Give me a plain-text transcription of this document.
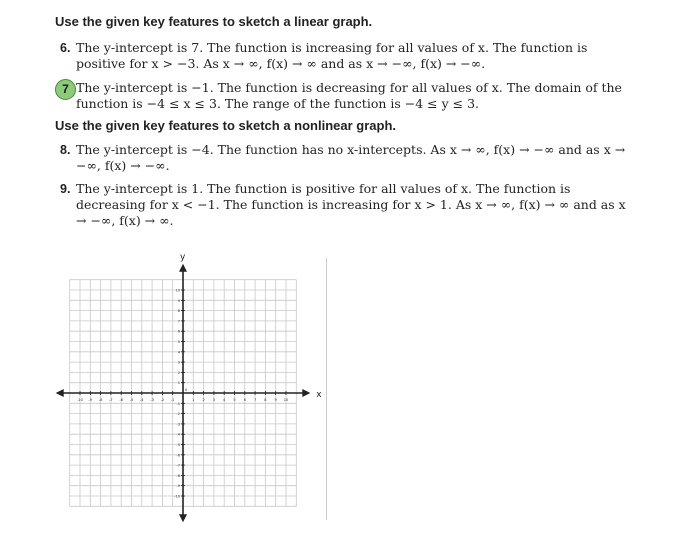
Use the given key features to sketch a linear graph.
6. The y-intercept is 7. The function is increasing for all values of x. The function is positive for x > −3. As x → ∞, f(x) → ∞ and as x → −∞, f(x) → −∞.
7 The y-intercept is −1. The function is decreasing for all values of x. The domain of the function is −4 ≤ x ≤ 3. The range of the function is −4 ≤ y ≤ 3.
Use the given key features to sketch a nonlinear graph.
8. The y-intercept is −4. The function has no x-intercepts. As x → ∞, f(x) → −∞ and as x → −∞, f(x) → −∞.
9. The y-intercept is 1. The function is positive for all values of x. The function is decreasing for x < −1. The function is increasing for x > 1. As x → ∞, f(x) → ∞ and as x → −∞, f(x) → ∞.
x
y
-10 -9 -8 -7 -6 -5 -4 -3 -2 -1	1 2 3 4 5 6 7 8 9 10
10
9
8
7
6
5
4
3
2
1
-1
-2
-3
-4
-5
-6
-7
-8
-9
-10
0
